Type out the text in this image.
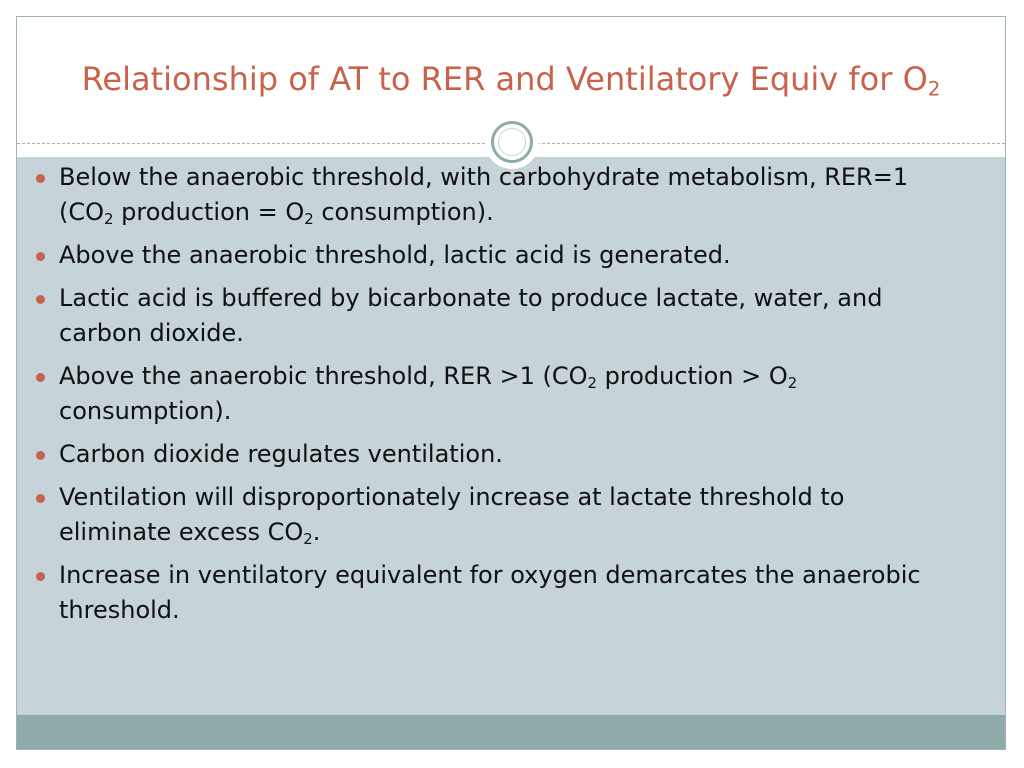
Relationship of AT to RER and Ventilatory Equiv for $O_2$
Below the anaerobic threshold, with carbohydrate metabolism, RER=1 ($CO_2$ production = $O_2$ consumption).
Above the anaerobic threshold, lactic acid is generated.
Lactic acid is buffered by bicarbonate to produce lactate, water, and carbon dioxide.
Above the anaerobic threshold, RER >1 ($CO_2$ production > $O_2$ consumption).
Carbon dioxide regulates ventilation.
Ventilation will disproportionately increase at lactate threshold to eliminate excess $CO_2$.
Increase in ventilatory equivalent for oxygen demarcates the anaerobic threshold.
